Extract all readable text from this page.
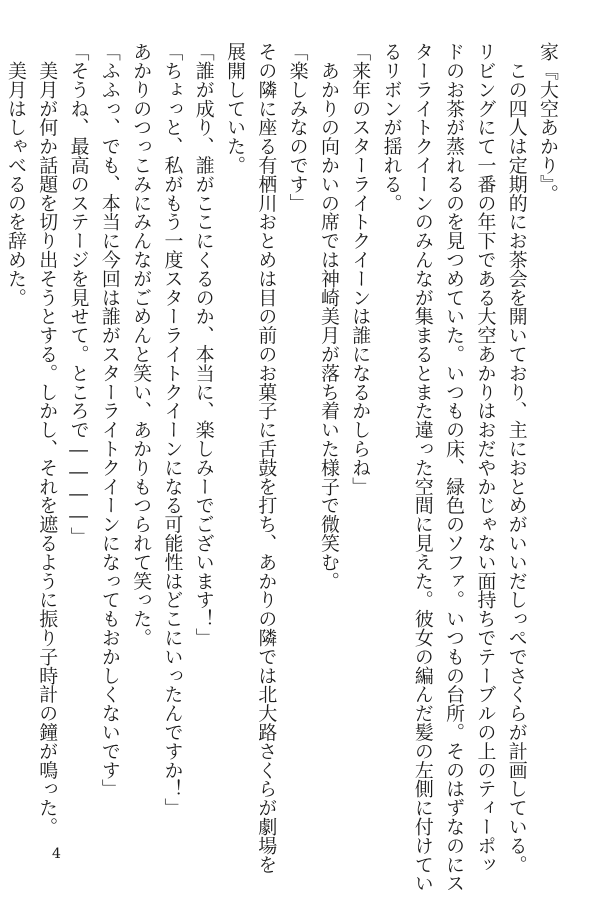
家『大空あかり』。
　この四人は定期的にお茶会を開いており、主におとめがいいだしっぺでさくらが計画している。
リビングにて一番の年下である大空あかりはおだやかじゃない面持ちでテーブルの上のティーポッ
ドのお茶が蒸れるのを見つめていた。いつもの床、緑色のソファ。いつもの台所。そのはずなのにス
ターライトクイーンのみんなが集まるとまた違った空間に見えた。彼女の編んだ髪の左側に付けてい
るリボンが揺れる。
「来年のスターライトクイーンは誰になるかしらね」
　あかりの向かいの席では神崎美月が落ち着いた様子で微笑む。
「楽しみなのです」
その隣に座る有栖川おとめは目の前のお菓子に舌鼓を打ち、あかりの隣では北大路さくらが劇場を
展開していた。
「誰が成り、誰がここにくるのか、本当に、楽しみーでございます！」
「ちょっと、私がもう一度スターライトクイーンになる可能性はどこにいったんですか！」
あかりのつっこみにみんながごめんと笑い、あかりもつられて笑った。
「ふふっ、でも、本当に今回は誰がスターライトクイーンになってもおかしくないです」
「そうね、最高のステージを見せて。ところで――――」
　美月が何か話題を切り出そうとする。しかし、それを遮るように振り子時計の鐘が鳴った。
　美月はしゃべるのを辞めた。
4
